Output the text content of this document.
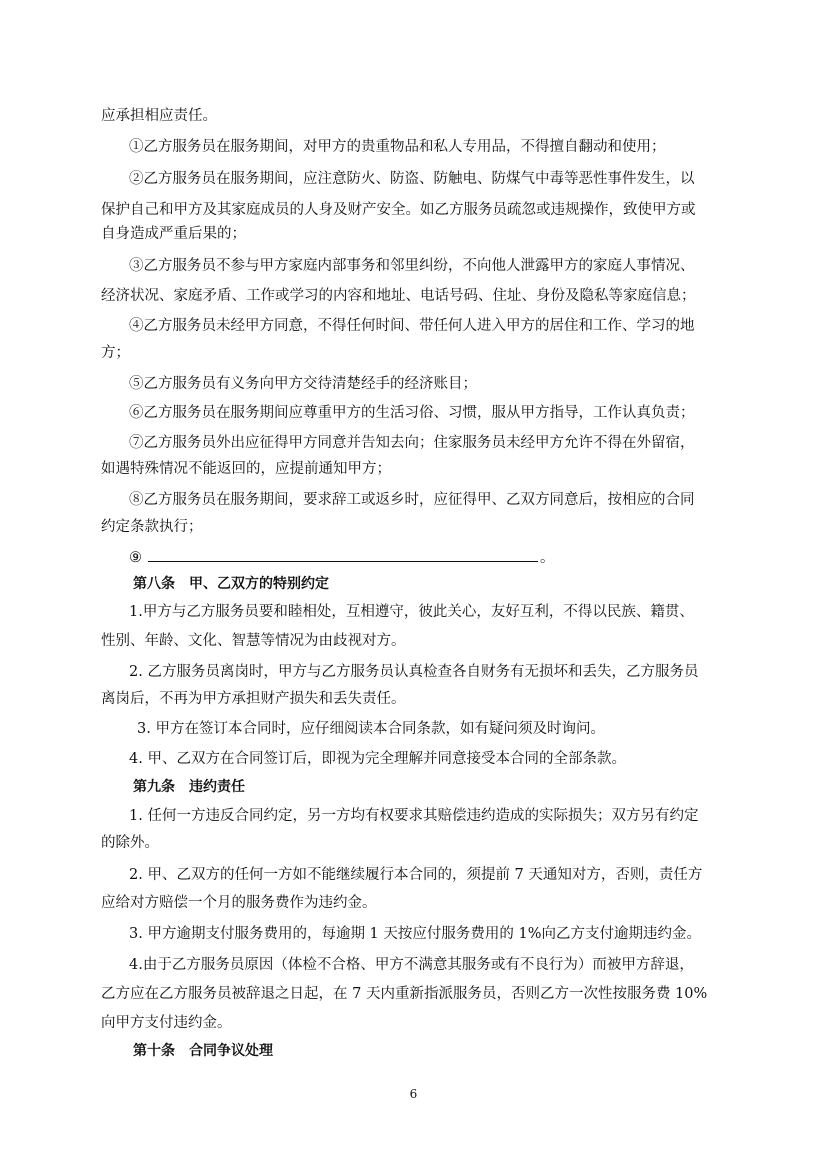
应承担相应责任。
①乙方服务员在服务期间，对甲方的贵重物品和私人专用品，不得擅自翻动和使用；
②乙方服务员在服务期间，应注意防火、防盗、防触电、防煤气中毒等恶性事件发生，以
保护自己和甲方及其家庭成员的人身及财产安全。如乙方服务员疏忽或违规操作，致使甲方或
自身造成严重后果的；
③乙方服务员不参与甲方家庭内部事务和邻里纠纷，不向他人泄露甲方的家庭人事情况、
经济状况、家庭矛盾、工作或学习的内容和地址、电话号码、住址、身份及隐私等家庭信息；
④乙方服务员未经甲方同意，不得任何时间、带任何人进入甲方的居住和工作、学习的地
方；
⑤乙方服务员有义务向甲方交待清楚经手的经济账目；
⑥乙方服务员在服务期间应尊重甲方的生活习俗、习惯，服从甲方指导，工作认真负责；
⑦乙方服务员外出应征得甲方同意并告知去向；住家服务员未经甲方允许不得在外留宿，
如遇特殊情况不能返回的，应提前通知甲方；
⑧乙方服务员在服务期间，要求辞工或返乡时，应征得甲、乙双方同意后，按相应的合同
约定条款执行；
⑨	。
第八条　甲、乙双方的特别约定
1.甲方与乙方服务员要和睦相处，互相遵守，彼此关心，友好互利，不得以民族、籍贯、
性别、年龄、文化、智慧等情况为由歧视对方。
2. 乙方服务员离岗时，甲方与乙方服务员认真检查各自财务有无损坏和丢失，乙方服务员
离岗后，不再为甲方承担财产损失和丢失责任。
3. 甲方在签订本合同时，应仔细阅读本合同条款，如有疑问须及时询问。
4. 甲、乙双方在合同签订后，即视为完全理解并同意接受本合同的全部条款。
第九条　违约责任
1. 任何一方违反合同约定，另一方均有权要求其赔偿违约造成的实际损失；双方另有约定
的除外。
2. 甲、乙双方的任何一方如不能继续履行本合同的，须提前 7 天通知对方，否则，责任方
应给对方赔偿一个月的服务费作为违约金。
3. 甲方逾期支付服务费用的，每逾期 1 天按应付服务费用的 1%向乙方支付逾期违约金。
4.由于乙方服务员原因（体检不合格、甲方不满意其服务或有不良行为）而被甲方辞退，
乙方应在乙方服务员被辞退之日起，在 7 天内重新指派服务员，否则乙方一次性按服务费 10%
向甲方支付违约金。
第十条　合同争议处理
6
